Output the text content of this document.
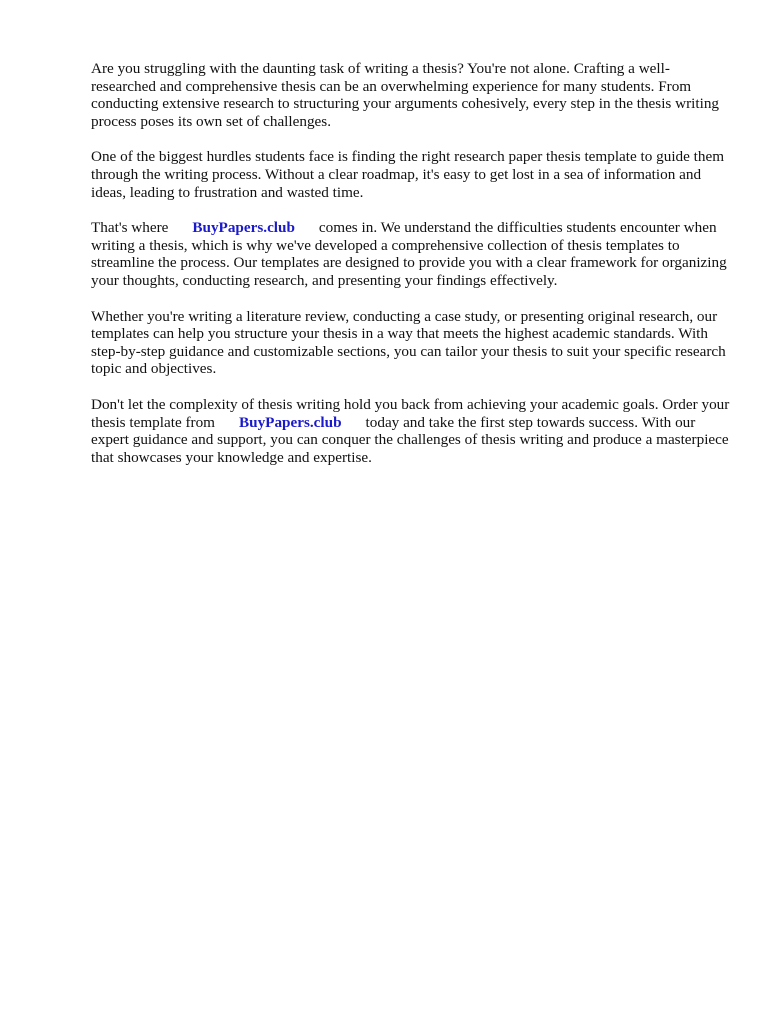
Are you struggling with the daunting task of writing a thesis? You're not alone. Crafting a well-researched and comprehensive thesis can be an overwhelming experience for many students. From conducting extensive research to structuring your arguments cohesively, every step in the thesis writing process poses its own set of challenges.

One of the biggest hurdles students face is finding the right research paper thesis template to guide them through the writing process. Without a clear roadmap, it's easy to get lost in a sea of information and ideas, leading to frustration and wasted time.

That's where BuyPapers.club comes in. We understand the difficulties students encounter when writing a thesis, which is why we've developed a comprehensive collection of thesis templates to streamline the process. Our templates are designed to provide you with a clear framework for organizing your thoughts, conducting research, and presenting your findings effectively.

Whether you're writing a literature review, conducting a case study, or presenting original research, our templates can help you structure your thesis in a way that meets the highest academic standards. With step-by-step guidance and customizable sections, you can tailor your thesis to suit your specific research topic and objectives.

Don't let the complexity of thesis writing hold you back from achieving your academic goals. Order your thesis template from BuyPapers.club today and take the first step towards success. With our expert guidance and support, you can conquer the challenges of thesis writing and produce a masterpiece that showcases your knowledge and expertise.
